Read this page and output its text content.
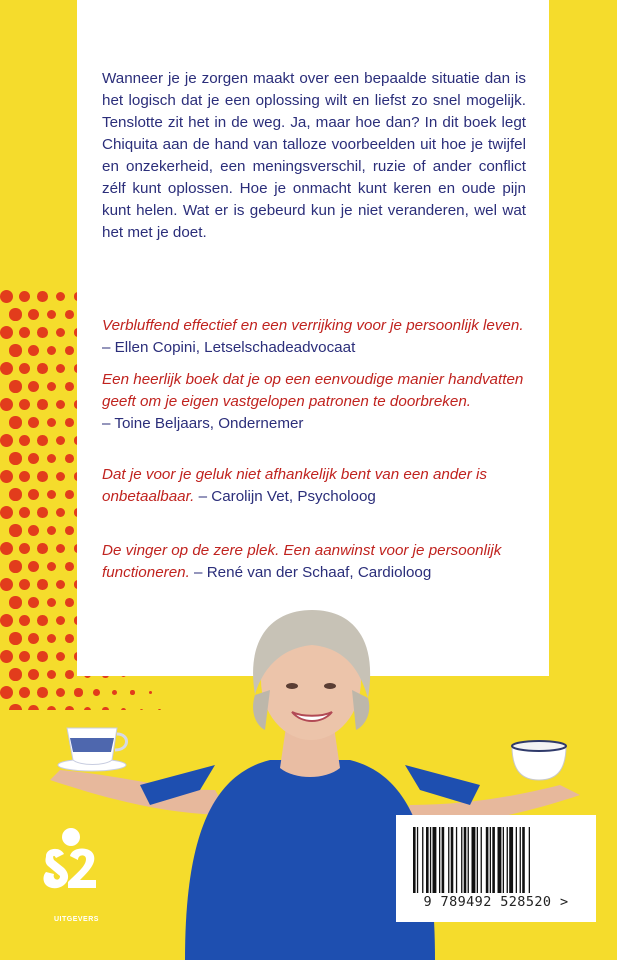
Wanneer je je zorgen maakt over een bepaalde situatie dan is het logisch dat je een oplossing wilt en liefst zo snel mogelijk. Tenslotte zit het in de weg. Ja, maar hoe dan? In dit boek legt Chiquita aan de hand van talloze voorbeelden uit hoe je twijfel en onzekerheid, een meningsverschil, ruzie of ander conflict zélf kunt oplossen. Hoe je onmacht kunt keren en oude pijn kunt helen. Wat er is gebeurd kun je niet veranderen, wel wat het met je doet.

Verbluffend effectief en een verrijking voor je persoonlijk leven. – Ellen Copini, Letselschadeadvocaat

Een heerlijk boek dat je op een eenvoudige manier handvatten geeft om je eigen vastgelopen patronen te doorbreken.
– Toine Beljaars, Ondernemer

Dat je voor je geluk niet afhankelijk bent van een ander is onbetaalbaar. – Carolijn Vet, Psycholoog

De vinger op de zere plek. Een aanwinst voor je persoonlijk functioneren. – René van der Schaaf, Cardioloog

UITGEVERS
9 789492 528520 >
